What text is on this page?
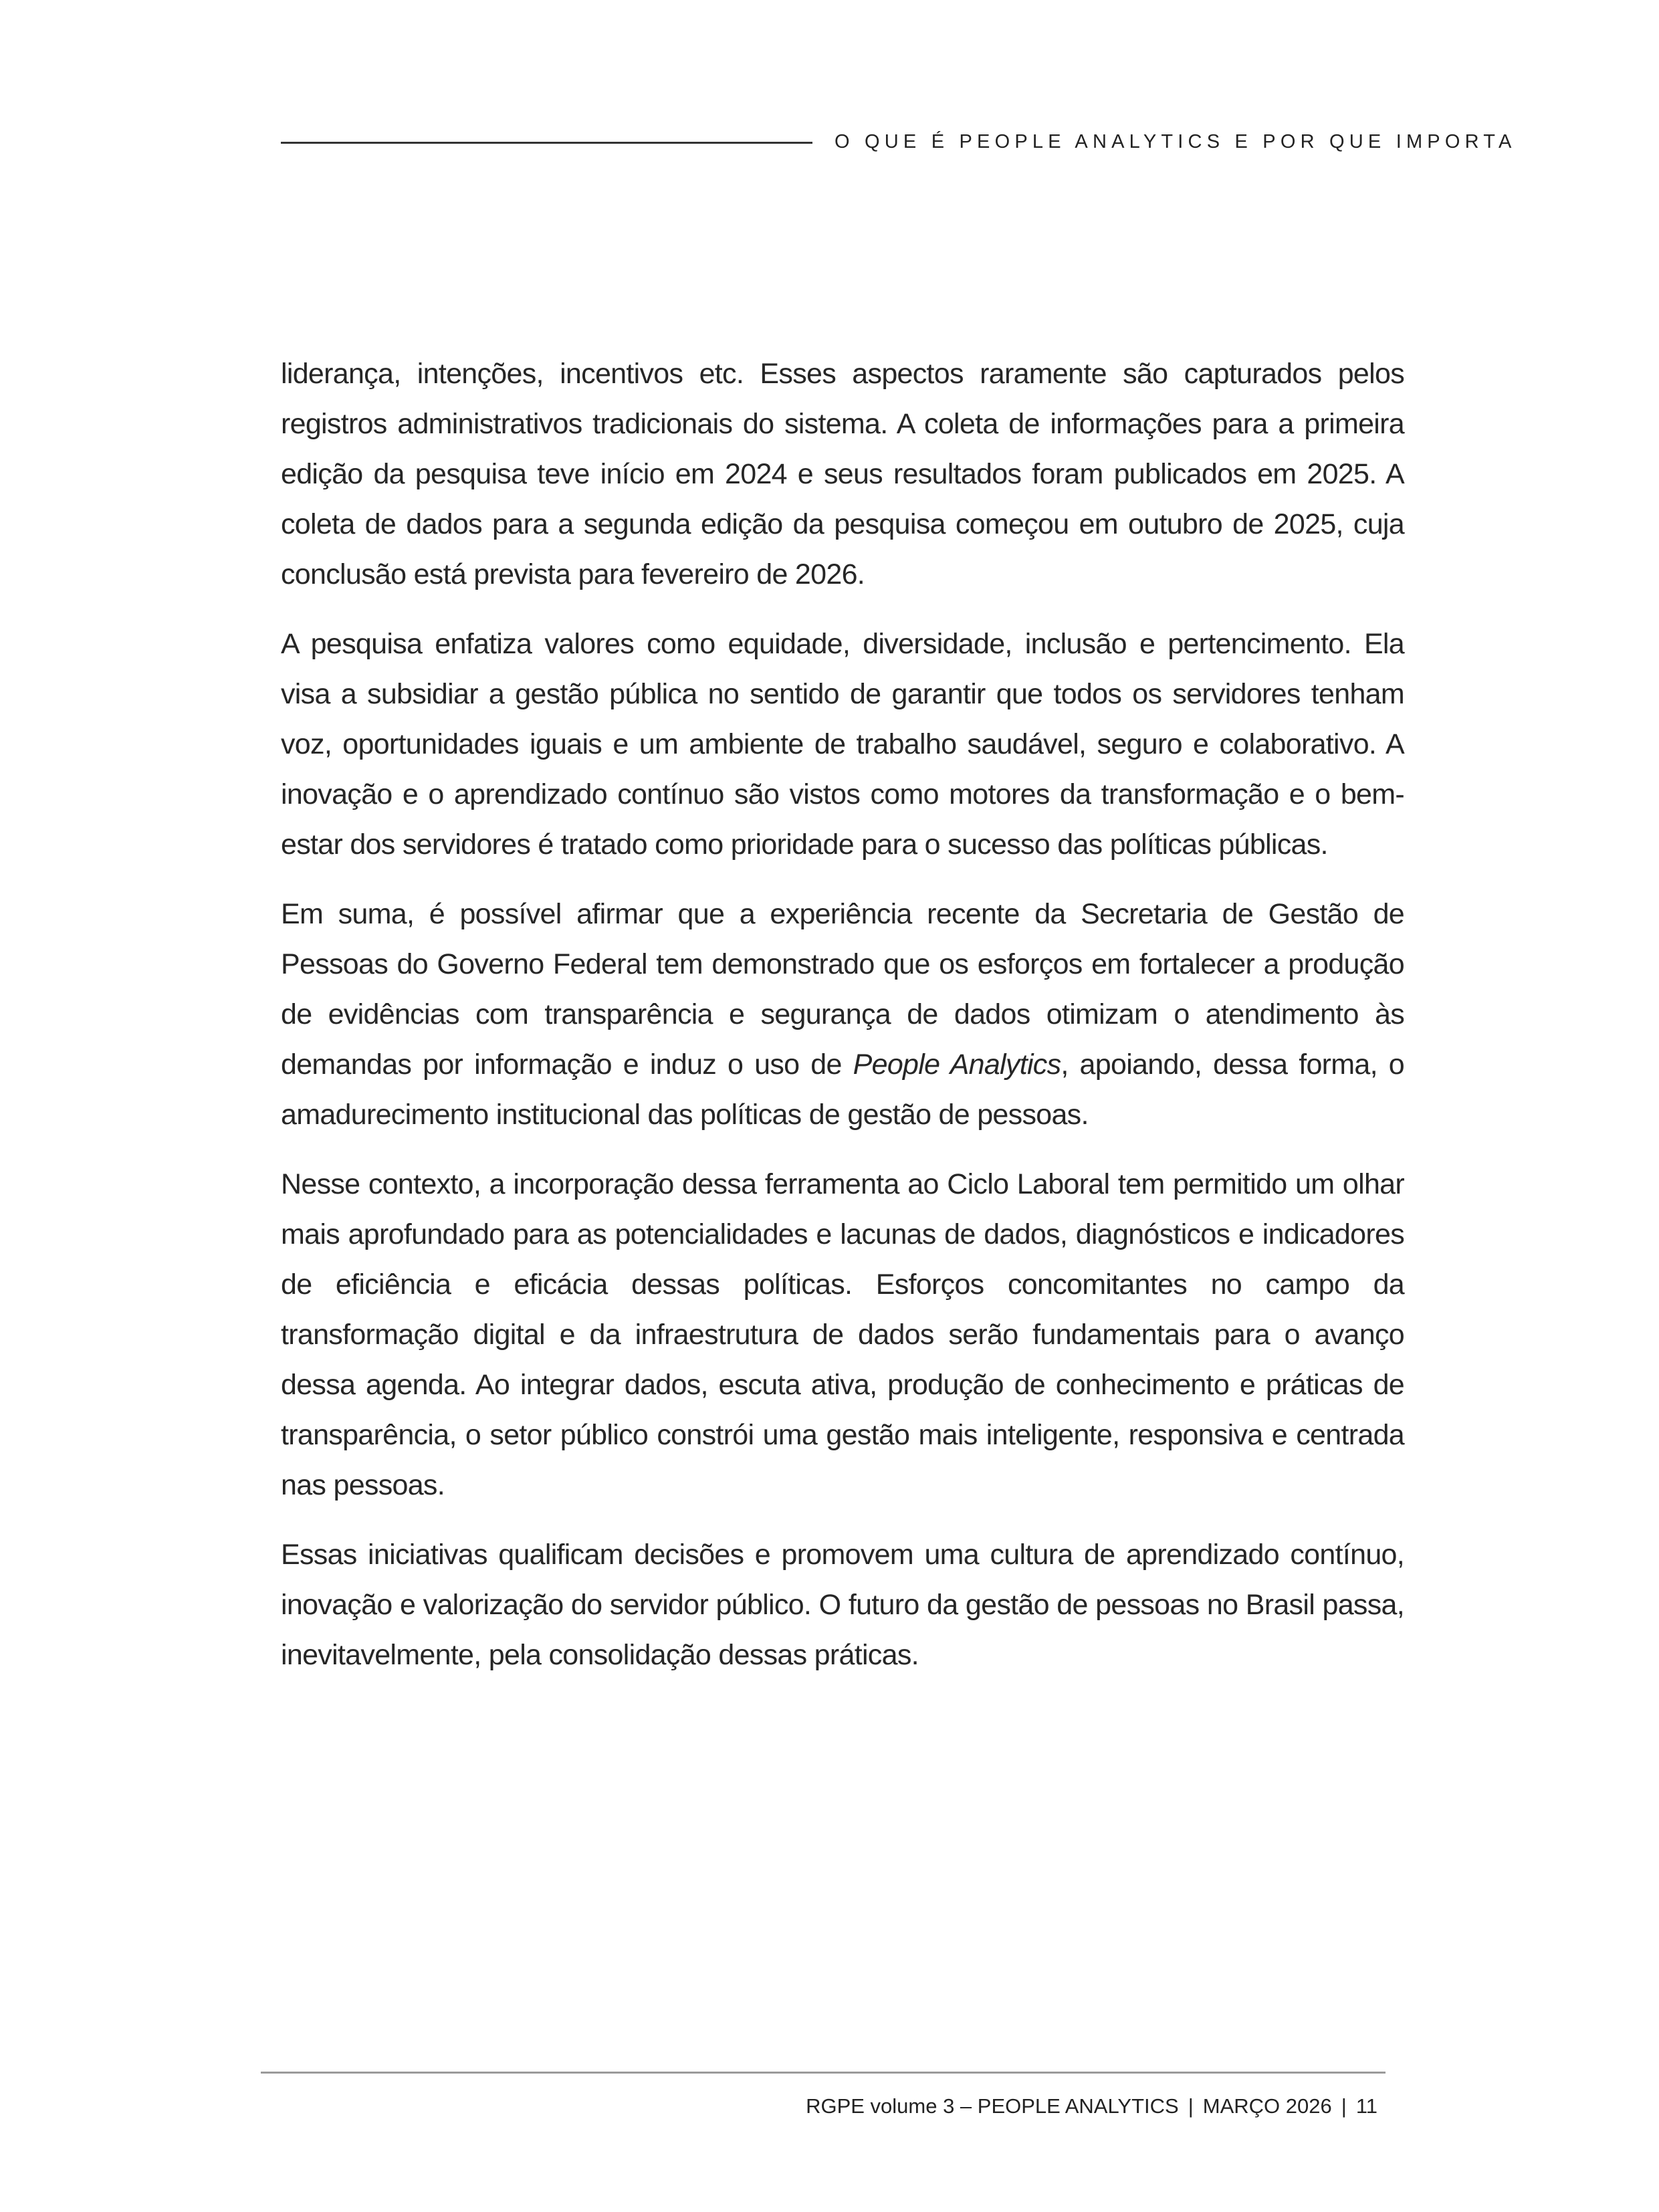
O QUE É PEOPLE ANALYTICS E POR QUE IMPORTA

liderança, intenções, incentivos etc. Esses aspectos raramente são capturados pelos registros administrativos tradicionais do sistema. A coleta de informações para a primeira edição da pesquisa teve início em 2024 e seus resultados foram publicados em 2025. A coleta de dados para a segunda edição da pesquisa começou em outubro de 2025, cuja conclusão está prevista para fevereiro de 2026.

A pesquisa enfatiza valores como equidade, diversidade, inclusão e pertencimento. Ela visa a subsidiar a gestão pública no sentido de garantir que todos os servidores tenham voz, oportunidades iguais e um ambiente de trabalho saudável, seguro e colaborativo. A inovação e o aprendizado contínuo são vistos como motores da transformação e o bem-estar dos servidores é tratado como prioridade para o sucesso das políticas públicas.

Em suma, é possível afirmar que a experiência recente da Secretaria de Gestão de Pessoas do Governo Federal tem demonstrado que os esforços em fortalecer a produção de evidências com transparência e segurança de dados otimizam o atendimento às demandas por informação e induz o uso de People Analytics, apoiando, dessa forma, o amadurecimento institucional das políticas de gestão de pessoas.

Nesse contexto, a incorporação dessa ferramenta ao Ciclo Laboral tem permitido um olhar mais aprofundado para as potencialidades e lacunas de dados, diagnósticos e indicadores de eficiência e eficácia dessas políticas. Esforços concomitantes no campo da transformação digital e da infraestrutura de dados serão fundamentais para o avanço dessa agenda. Ao integrar dados, escuta ativa, produção de conhecimento e práticas de transparência, o setor público constrói uma gestão mais inteligente, responsiva e centrada nas pessoas.

Essas iniciativas qualificam decisões e promovem uma cultura de aprendizado contínuo, inovação e valorização do servidor público. O futuro da gestão de pessoas no Brasil passa, inevitavelmente, pela consolidação dessas práticas.

RGPE volume 3 – PEOPLE ANALYTICS | MARÇO 2026 | 11
